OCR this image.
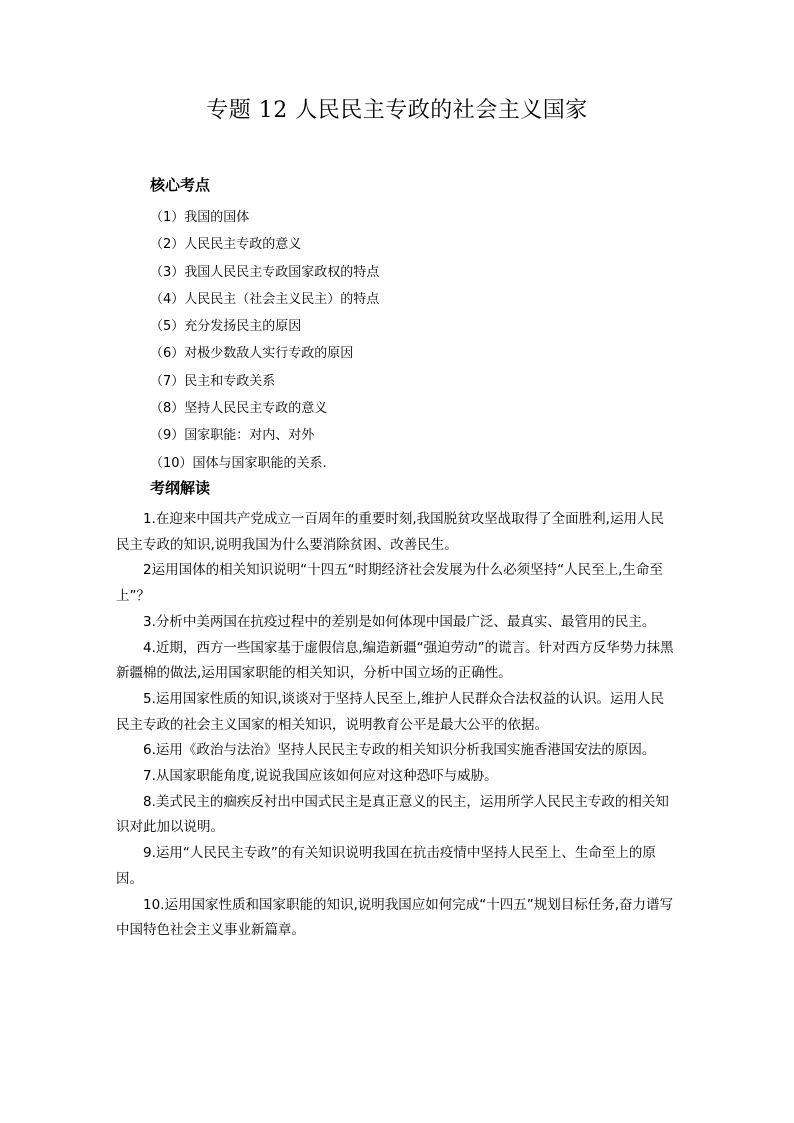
专题 12 人民民主专政的社会主义国家
核心考点
（1）我国的国体
（2）人民民主专政的意义
（3）我国人民民主专政国家政权的特点
（4）人民民主（社会主义民主）的特点
（5）充分发扬民主的原因
（6）对极少数敌人实行专政的原因
（7）民主和专政关系
（8）坚持人民民主专政的意义
（9）国家职能：对内、对外
（10）国体与国家职能的关系.
考纲解读
1.在迎来中国共产党成立一百周年的重要时刻,我国脱贫攻坚战取得了全面胜利,运用人民民主专政的知识,说明我国为什么要消除贫困、改善民生。
2运用国体的相关知识说明“十四五“时期经济社会发展为什么必须坚持“人民至上,生命至上”？
3.分析中美两国在抗疫过程中的差别是如何体现中国最广泛、最真实、最管用的民主。
4.近期，西方一些国家基于虚假信息,编造新疆“强迫劳动”的谎言。针对西方反华势力抹黑新疆棉的做法,运用国家职能的相关知识，分析中国立场的正确性。
5.运用国家性质的知识,谈谈对于坚持人民至上,维护人民群众合法权益的认识。运用人民民主专政的社会主义国家的相关知识，说明教育公平是最大公平的依据。
6.运用《政治与法治》坚持人民民主专政的相关知识分析我国实施香港国安法的原因。
7.从国家职能角度,说说我国应该如何应对这种恐吓与威胁。
8.美式民主的痼疾反衬出中国式民主是真正意义的民主，运用所学人民民主专政的相关知识对此加以说明。
9.运用“人民民主专政”的有关知识说明我国在抗击疫情中坚持人民至上、生命至上的原因。
10.运用国家性质和国家职能的知识,说明我国应如何完成“十四五”规划目标任务,奋力谱写中国特色社会主义事业新篇章。
